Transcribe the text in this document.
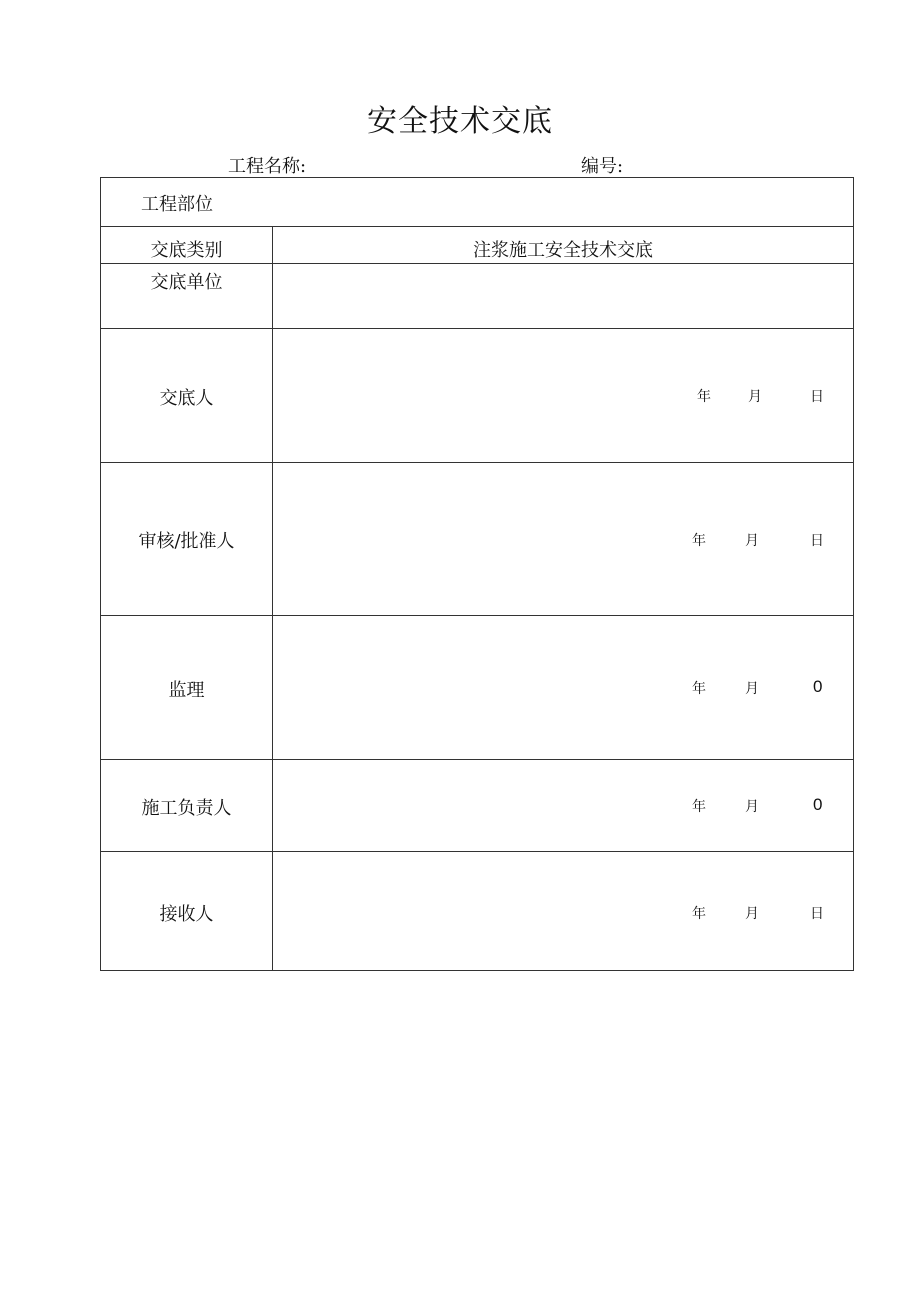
安全技术交底
工程名称:	编号:
工程部位
交底类别	注浆施工安全技术交底
交底单位
交底人	年	月	日
审核/批准人	年	月	日
监理	年	月	0
施工负责人	年	月	0
接收人	年	月	日
